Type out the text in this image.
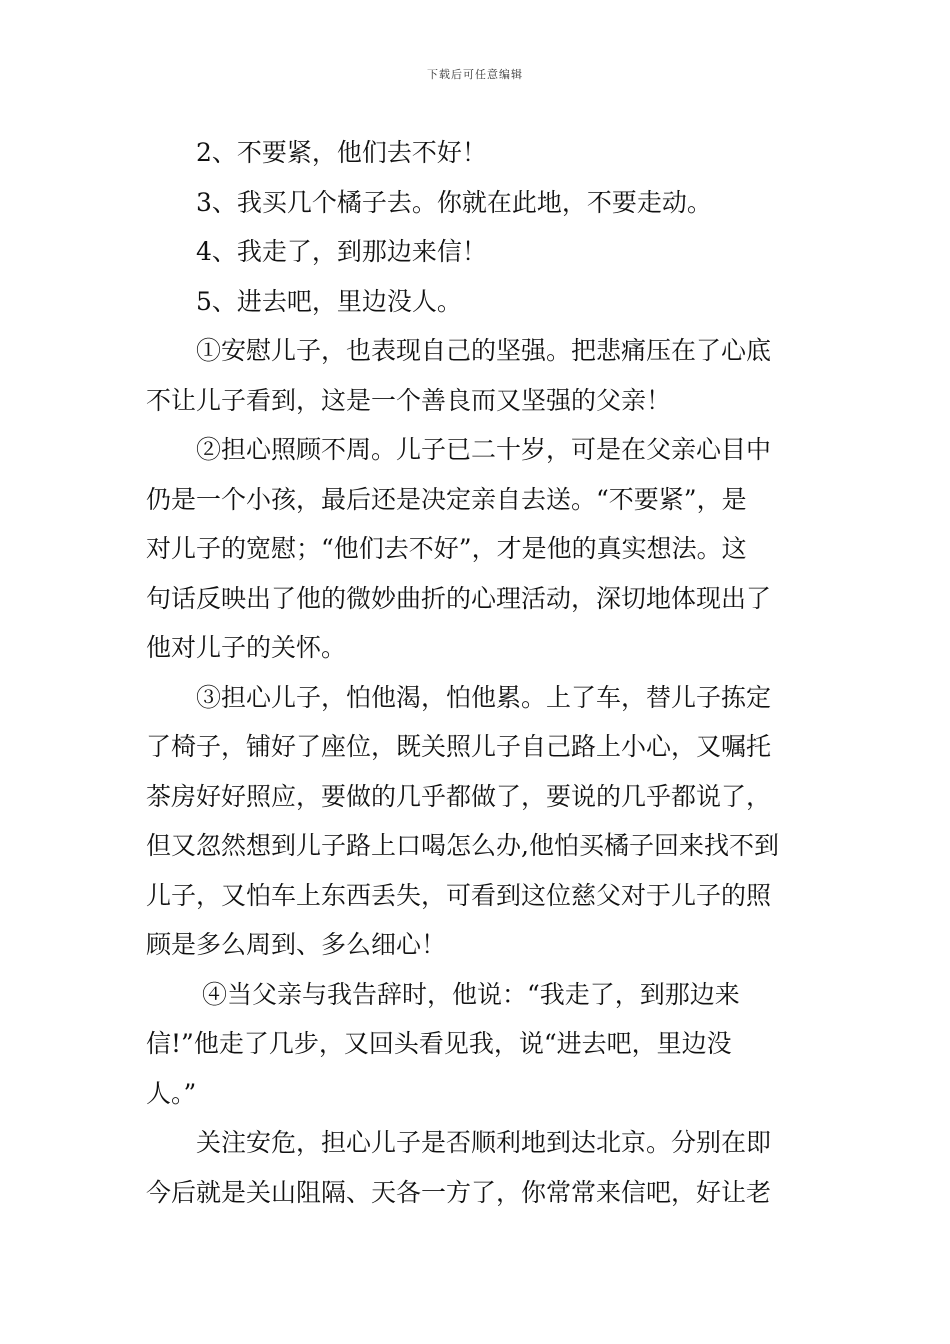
下载后可任意编辑
2、不要紧，他们去不好！
3、我买几个橘子去。你就在此地，不要走动。
4、我走了，到那边来信！
5、进去吧，里边没人。
①安慰儿子，也表现自己的坚强。把悲痛压在了心底
不让儿子看到，这是一个善良而又坚强的父亲！
②担心照顾不周。儿子已二十岁，可是在父亲心目中
仍是一个小孩，最后还是决定亲自去送。“不要紧”，是
对儿子的宽慰；“他们去不好”，才是他的真实想法。这
句话反映出了他的微妙曲折的心理活动，深切地体现出了
他对儿子的关怀。
③担心儿子，怕他渴，怕他累。上了车，替儿子拣定
了椅子，铺好了座位，既关照儿子自己路上小心，又嘱托
茶房好好照应，要做的几乎都做了，要说的几乎都说了，
但又忽然想到儿子路上口喝怎么办,他怕买橘子回来找不到
儿子，又怕车上东西丢失，可看到这位慈父对于儿子的照
顾是多么周到、多么细心！
④当父亲与我告辞时，他说：“我走了，到那边来
信!”他走了几步，又回头看见我，说“进去吧，里边没
人。”
关注安危，担心儿子是否顺利地到达北京。分别在即
今后就是关山阻隔、天各一方了，你常常来信吧，好让老
